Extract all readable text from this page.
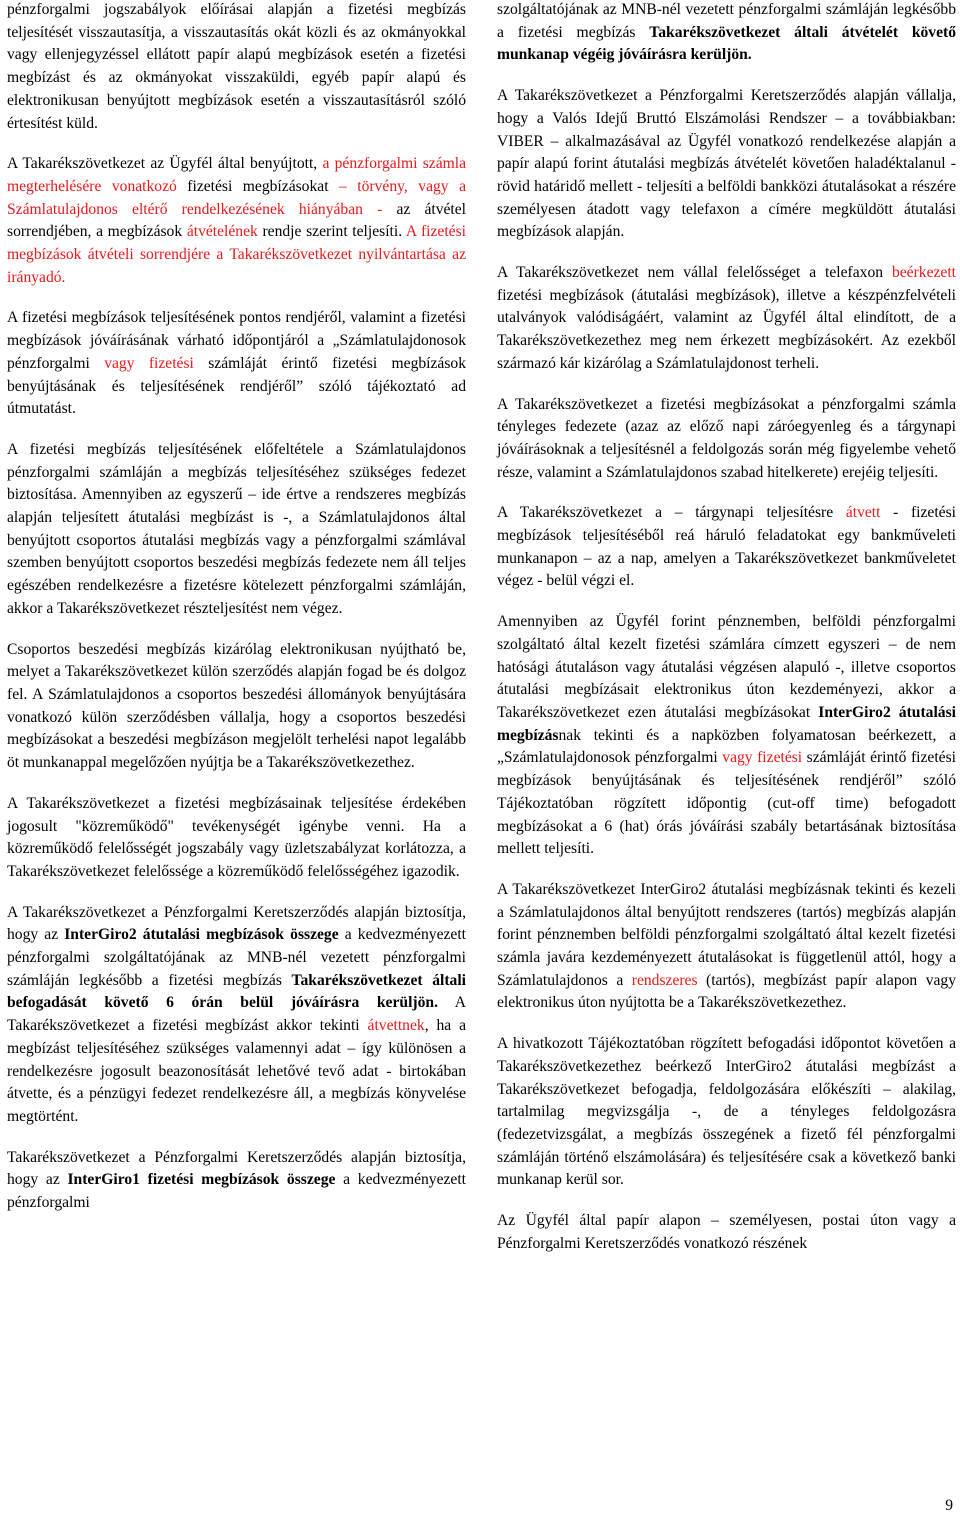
pénzforgalmi jogszabályok előírásai alapján a fizetési megbízás teljesítését visszautasítja, a visszautasítás okát közli és az okmányokkal vagy ellenjegyzéssel ellátott papír alapú megbízások esetén a fizetési megbízást és az okmányokat visszaküldi, egyéb papír alapú és elektronikusan benyújtott megbízások esetén a visszautasításról szóló értesítést küld.

A Takarékszövetkezet az Ügyfél által benyújtott, a pénzforgalmi számla megterhelésére vonatkozó fizetési megbízásokat – törvény, vagy a Számlatulajdonos eltérő rendelkezésének hiányában - az átvétel sorrendjében, a megbízások átvételének rendje szerint teljesíti. A fizetési megbízások átvételi sorrendjére a Takarékszövetkezet nyilvántartása az irányadó.

A fizetési megbízások teljesítésének pontos rendjéről, valamint a fizetési megbízások jóváírásának várható időpontjáról a „Számlatulajdonosok pénzforgalmi vagy fizetési számláját érintő fizetési megbízások benyújtásának és teljesítésének rendjéről” szóló tájékoztató ad útmutatást.

A fizetési megbízás teljesítésének előfeltétele a Számlatulajdonos pénzforgalmi számláján a megbízás teljesítéséhez szükséges fedezet biztosítása. Amennyiben az egyszerű – ide értve a rendszeres megbízás alapján teljesített átutalási megbízást is -, a Számlatulajdonos által benyújtott csoportos átutalási megbízás vagy a pénzforgalmi számlával szemben benyújtott csoportos beszedési megbízás fedezete nem áll teljes egészében rendelkezésre a fizetésre kötelezett pénzforgalmi számláján, akkor a Takarékszövetkezet részteljesítést nem végez.

Csoportos beszedési megbízás kizárólag elektronikusan nyújtható be, melyet a Takarékszövetkezet külön szerződés alapján fogad be és dolgoz fel. A Számlatulajdonos a csoportos beszedési állományok benyújtására vonatkozó külön szerződésben vállalja, hogy a csoportos beszedési megbízásokat a beszedési megbízáson megjelölt terhelési napot legalább öt munkanappal megelőzően nyújtja be a Takarékszövetkezethez.

A Takarékszövetkezet a fizetési megbízásainak teljesítése érdekében jogosult "közreműködő" tevékenységét igénybe venni. Ha a közreműködő felelősségét jogszabály vagy üzletszabályzat korlátozza, a Takarékszövetkezet felelőssége a közreműködő felelősségéhez igazodik.

A Takarékszövetkezet a Pénzforgalmi Keretszerződés alapján biztosítja, hogy az InterGiro2 átutalási megbízások összege a kedvezményezett pénzforgalmi szolgáltatójának az MNB-nél vezetett pénzforgalmi számláján legkésőbb a fizetési megbízás Takarékszövetkezet általi befogadását követő 6 órán belül jóváírásra kerüljön. A Takarékszövetkezet a fizetési megbízást akkor tekinti átvettnek, ha a megbízást teljesítéséhez szükséges valamennyi adat – így különösen a rendelkezésre jogosult beazonosítását lehetővé tevő adat - birtokában átvette, és a pénzügyi fedezet rendelkezésre áll, a megbízás könyvelése megtörtént.

Takarékszövetkezet a Pénzforgalmi Keretszerződés alapján biztosítja, hogy az InterGiro1 fizetési megbízások összege a kedvezményezett pénzforgalmi

szolgáltatójának az MNB-nél vezetett pénzforgalmi számláján legkésőbb a fizetési megbízás Takarékszövetkezet általi átvételét követő munkanap végéig jóváírásra kerüljön.

A Takarékszövetkezet a Pénzforgalmi Keretszerződés alapján vállalja, hogy a Valós Idejű Bruttó Elszámolási Rendszer – a továbbiakban: VIBER – alkalmazásával az Ügyfél vonatkozó rendelkezése alapján a papír alapú forint átutalási megbízás átvételét követően haladéktalanul - rövid határidő mellett - teljesíti a belföldi bankközi átutalásokat a részére személyesen átadott vagy telefaxon a címére megküldött átutalási megbízások alapján.

A Takarékszövetkezet nem vállal felelősséget a telefaxon beérkezett fizetési megbízások (átutalási megbízások), illetve a készpénzfelvételi utalványok valódiságáért, valamint az Ügyfél által elindított, de a Takarékszövetkezethez meg nem érkezett megbízásokért. Az ezekből származó kár kizárólag a Számlatulajdonost terheli.

A Takarékszövetkezet a fizetési megbízásokat a pénzforgalmi számla tényleges fedezete (azaz az előző napi záróegyenleg és a tárgynapi jóváírásoknak a teljesítésnél a feldolgozás során még figyelembe vehető része, valamint a Számlatulajdonos szabad hitelkerete) erejéig teljesíti.

A Takarékszövetkezet a – tárgynapi teljesítésre átvett - fizetési megbízások teljesítéséből reá háruló feladatokat egy bankműveleti munkanapon – az a nap, amelyen a Takarékszövetkezet bankműveletet végez - belül végzi el.

Amennyiben az Ügyfél forint pénznemben, belföldi pénzforgalmi szolgáltató által kezelt fizetési számlára címzett egyszeri – de nem hatósági átutaláson vagy átutalási végzésen alapuló -, illetve csoportos átutalási megbízásait elektronikus úton kezdeményezi, akkor a Takarékszövetkezet ezen átutalási megbízásokat InterGiro2 átutalási megbízásnak tekinti és a napközben folyamatosan beérkezett, a „Számlatulajdonosok pénzforgalmi vagy fizetési számláját érintő fizetési megbízások benyújtásának és teljesítésének rendjéről” szóló Tájékoztatóban rögzített időpontig (cut-off time) befogadott megbízásokat a 6 (hat) órás jóváírási szabály betartásának biztosítása mellett teljesíti.

A Takarékszövetkezet InterGiro2 átutalási megbízásnak tekinti és kezeli a Számlatulajdonos által benyújtott rendszeres (tartós) megbízás alapján forint pénznemben belföldi pénzforgalmi szolgáltató által kezelt fizetési számla javára kezdeményezett átutalásokat is függetlenül attól, hogy a Számlatulajdonos a rendszeres (tartós), megbízást papír alapon vagy elektronikus úton nyújtotta be a Takarékszövetkezethez.

A hivatkozott Tájékoztatóban rögzített befogadási időpontot követően a Takarékszövetkezethez beérkező InterGiro2 átutalási megbízást a Takarékszövetkezet befogadja, feldolgozására előkészíti – alakilag, tartalmilag megvizsgálja -, de a tényleges feldolgozásra (fedezetvizsgálat, a megbízás összegének a fizető fél pénzforgalmi számláján történő elszámolására) és teljesítésére csak a következő banki munkanap kerül sor.

Az Ügyfél által papír alapon – személyesen, postai úton vagy a Pénzforgalmi Keretszerződés vonatkozó részének

9
